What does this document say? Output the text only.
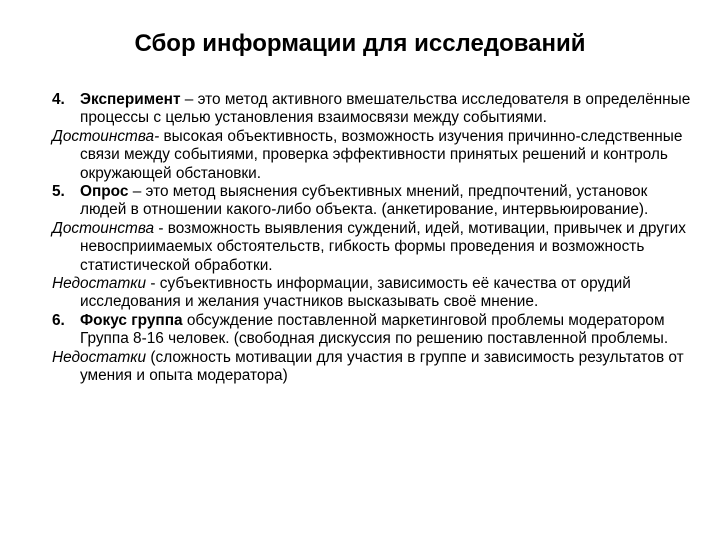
Сбор информации для исследований

4. Эксперимент – это метод активного вмешательства исследователя в определённые процессы с целью установления взаимосвязи между событиями.

Достоинства- высокая объективность, возможность изучения причинно-следственные связи между событиями, проверка эффективности принятых решений и контроль окружающей обстановки.

5. Опрос – это метод выяснения субъективных мнений, предпочтений, установок людей в отношении какого-либо объекта. (анкетирование, интервьюирование).

Достоинства - возможность выявления суждений, идей, мотивации, привычек и других невосприимаемых обстоятельств, гибкость формы проведения и возможность статистической обработки.

Недостатки - субъективность информации, зависимость её качества от орудий исследования и желания участников высказывать своё мнение.

6. Фокус группа обсуждение поставленной маркетинговой проблемы модератором Группа 8-16 человек. (свободная дискуссия по решению поставленной проблемы.

Недостатки (сложность мотивации для участия в группе и зависимость результатов от умения и опыта модератора)
